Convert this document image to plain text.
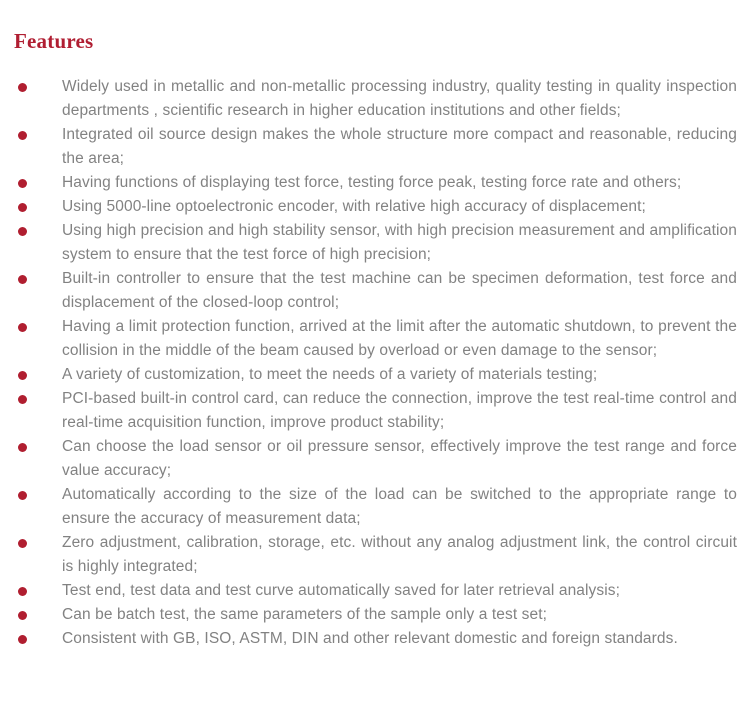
Features
Widely used in metallic and non-metallic processing industry, quality testing in quality inspection departments , scientific research in higher education institutions and other fields;
Integrated oil source design makes the whole structure more compact and reasonable, reducing the area;
Having functions of displaying test force, testing force peak, testing force rate and others;
Using 5000-line optoelectronic encoder, with relative high accuracy of displacement;
Using high precision and high stability sensor, with high precision measurement and amplification system to ensure that the test force of high precision;
Built-in controller to ensure that the test machine can be specimen deformation, test force and displacement of the closed-loop control;
Having a limit protection function, arrived at the limit after the automatic shutdown, to prevent the collision in the middle of the beam caused by overload or even damage to the sensor;
A variety of customization, to meet the needs of a variety of materials testing;
PCI-based built-in control card, can reduce the connection, improve the test real-time control and real-time acquisition function, improve product stability;
Can choose the load sensor or oil pressure sensor, effectively improve the test range and force value accuracy;
Automatically according to the size of the load can be switched to the appropriate range to ensure the accuracy of measurement data;
Zero adjustment, calibration, storage, etc. without any analog adjustment link, the control circuit is highly integrated;
Test end, test data and test curve automatically saved for later retrieval analysis;
Can be batch test, the same parameters of the sample only a test set;
Consistent with GB, ISO, ASTM, DIN and other relevant domestic and foreign standards.
